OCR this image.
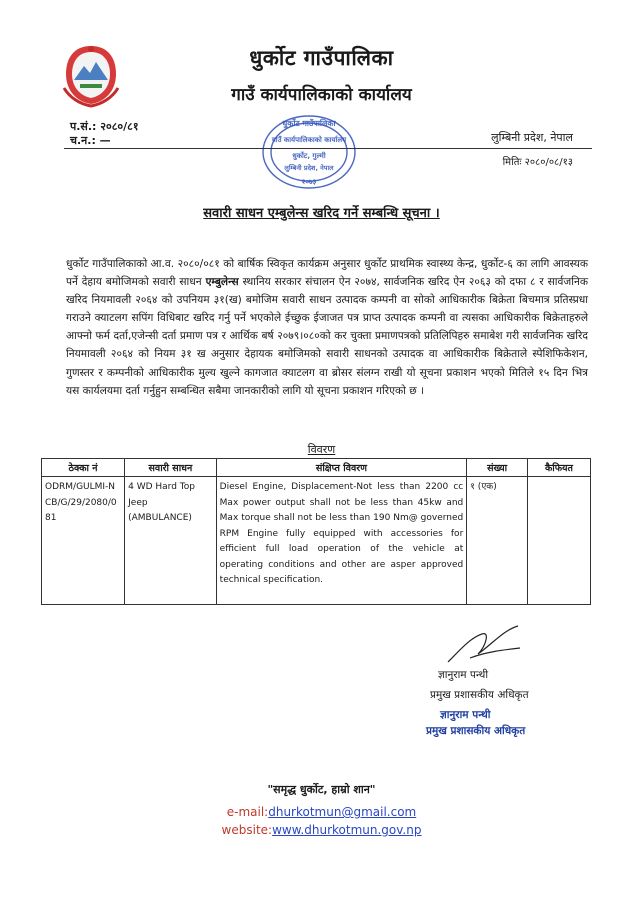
धुर्कोट गाउँपालिका
गाउँ कार्यपालिकाको कार्यालय
प.सं.: २०८०/८१
च.न.: —
धुर्कोट गाउँपालिका
गाउँ कार्यपालिकाको कार्यालय
धुर्कोट, गुल्मी
लुम्बिनी प्रदेश, नेपाल
२०७३
लुम्बिनी प्रदेश, नेपाल
मितिः २०८०/०८/१३
सवारी साधन एम्बुलेन्स खरिद गर्ने सम्बन्धि सूचना ।
धुर्कोट गाउँपालिकाको आ.व. २०८०/०८१ को बार्षिक स्विकृत कार्यक्रम अनुसार धुर्कोट प्राथमिक स्वास्थ्य केन्द्र, धुर्कोट-६ का लागि आवस्यक पर्ने देहाय बमोजिमको सवारी साधन एम्बुलेन्स स्थानिय सरकार संचालन ऐन २०७४, सार्वजनिक खरिद ऐन २०६३ को दफा ८ र सार्वजनिक खरिद नियमावली २०६४ को उपनियम ३१(ख) बमोजिम सवारी साधन उत्पादक कम्पनी वा सोको आधिकारीक बिक्रेता बिचमात्र प्रतिस्प्रधा गराउने क्याटलग सपिंग विधिबाट खरिद गर्नु पर्ने भएकोले ईच्छुक ईजाजत पत्र प्राप्त उत्पादक कम्पनी वा त्यसका आधिकारीक बिक्रेताहरुले आफ्नो फर्म दर्ता,एजेन्सी दर्ता प्रमाण पत्र र आर्थिक बर्ष २०७९।०८०को कर चुक्ता प्रमाणपत्रको प्रतिलिपिहरु समाबेश गरी सार्वजनिक खरिद नियमावली २०६४ को नियम ३१ ख अनुसार देहायक बमोजिमको सवारी साधनको उत्पादक वा आधिकारीक बिक्रेताले स्पेशिफिकेशन, गुणस्तर र कम्पनीको आधिकारीक मुल्य खुल्ने कागजात क्याटलग वा ब्रोसर संलग्न राखी यो सूचना प्रकाशन भएको मितिले १५ दिन भित्र यस कार्यलयमा दर्ता गर्नुहुन सम्बन्धित सबैमा जानकारीको लागि यो सूचना प्रकाशन गरिएको छ ।
विवरण
ठेक्का नं	सवारी साधन	संक्षिप्त विवरण	संख्या	कैफियत
ODRM/GULMI-NCB/G/29/2080/081	4 WD Hard Top Jeep (AMBULANCE)	Diesel Engine, Displacement-Not less than 2200 cc Max power output shall not be less than 45kw and Max torque shall not be less than 190 Nm@ governed RPM Engine fully equipped with accessories for efficient full load operation of the vehicle at operating conditions and other are asper approved technical specification.	१ (एक)	
ज्ञानुराम पन्थी
प्रमुख प्रशासकीय अधिकृत
ज्ञानुराम पन्थी
प्रमुख प्रशासकीय अधिकृत
"समृद्ध धुर्कोट, हाम्रो शान"
e-mail:dhurkotmun@gmail.com
website:www.dhurkotmun.gov.np
